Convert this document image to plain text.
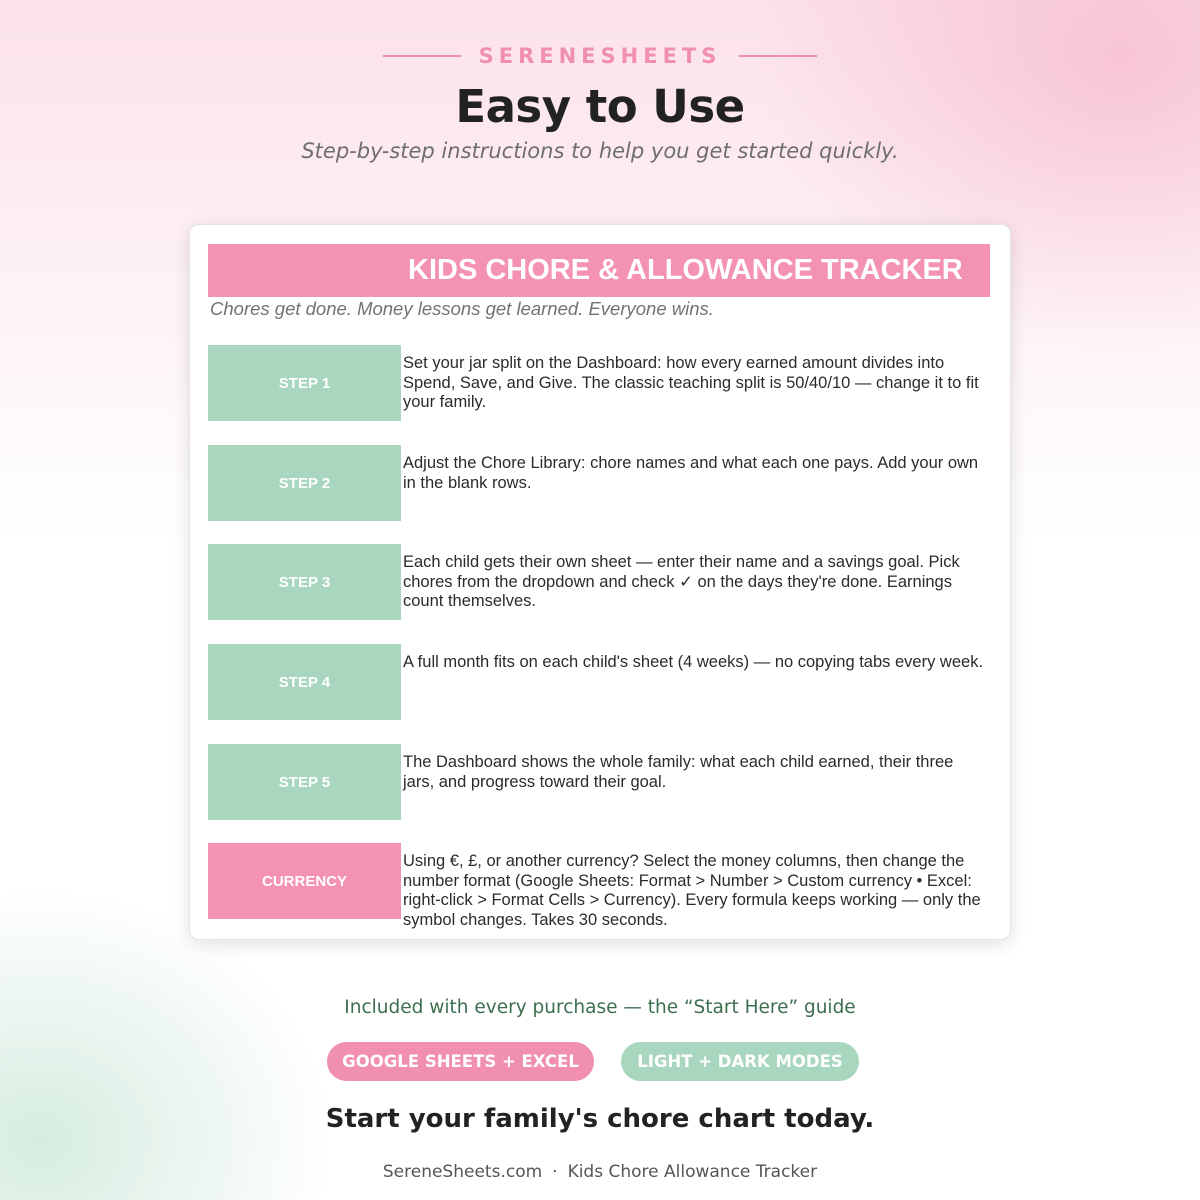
SERENESHEETS
Easy to Use

Step-by-step instructions to help you get started quickly.

KIDS CHORE & ALLOWANCE TRACKER
Chores get done. Money lessons get learned. Everyone wins.
STEP 1
Set your jar split on the Dashboard: how every earned amount divides into Spend, Save, and Give. The classic teaching split is 50/40/10 — change it to fit your family.
STEP 2
Adjust the Chore Library: chore names and what each one pays. Add your own in the blank rows.
STEP 3
Each child gets their own sheet — enter their name and a savings goal. Pick chores from the dropdown and check ✓ on the days they're done. Earnings count themselves.
STEP 4
A full month fits on each child's sheet (4 weeks) — no copying tabs every week.
STEP 5
The Dashboard shows the whole family: what each child earned, their three jars, and progress toward their goal.
CURRENCY
Using €, £, or another currency? Select the money columns, then change the number format (Google Sheets: Format > Number > Custom currency • Excel: right-click > Format Cells > Currency). Every formula keeps working — only the symbol changes. Takes 30 seconds.

Included with every purchase — the “Start Here” guide

GOOGLE SHEETS + EXCEL	LIGHT + DARK MODES

Start your family's chore chart today.

SereneSheets.com · Kids Chore Allowance Tracker
